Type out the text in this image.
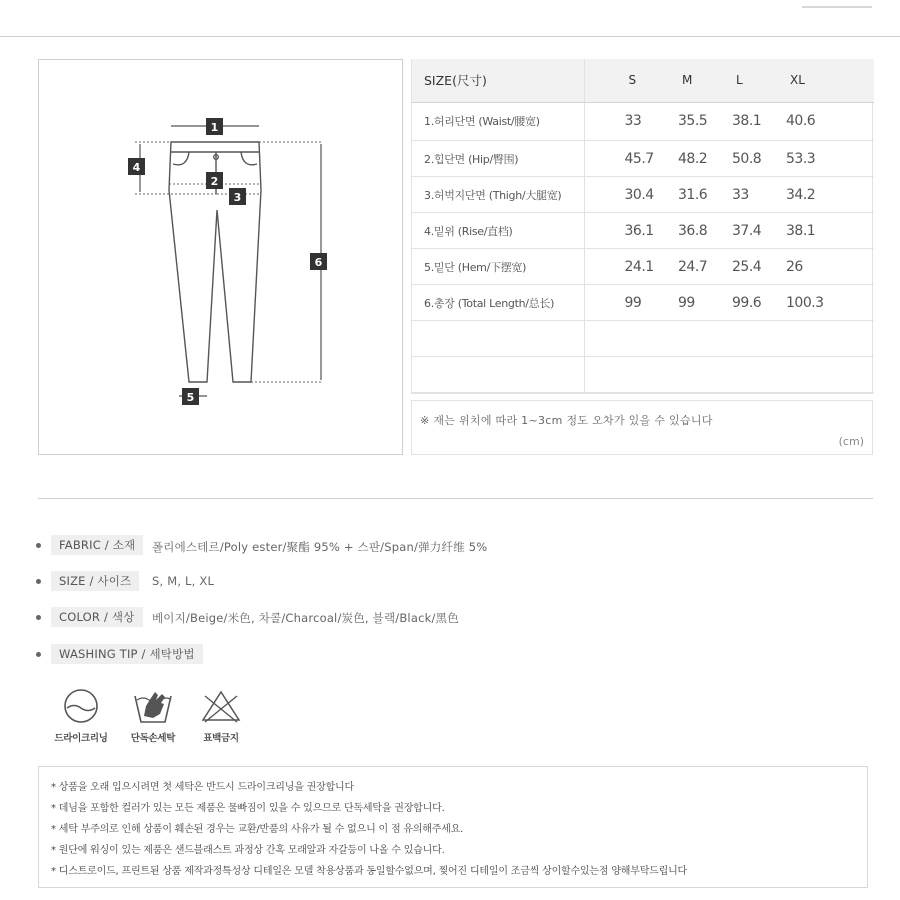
1
2
3
4
5
6
SIZE(尺寸)	S	M	L	XL
1.허리단면 (Waist/腰宽)	33	35.5	38.1	40.6
2.힙단면 (Hip/臀围)	45.7	48.2	50.8	53.3
3.허벅지단면 (Thigh/大腿宽)	30.4	31.6	33	34.2
4.밑위 (Rise/直档)	36.1	36.8	37.4	38.1
5.밑단 (Hem/下摆宽)	24.1	24.7	25.4	26
6.총장 (Total Length/总长)	99	99	99.6	100.3

※ 재는 위치에 따라 1~3cm 정도 오차가 있을 수 있습니다
(cm)
FABRIC / 소재	폴리에스테르/Poly ester/聚酯 95% + 스판/Span/弹力纤维 5%
SIZE / 사이즈	S, M, L, XL
COLOR / 색상	베이지/Beige/米色, 차콜/Charcoal/炭色, 블랙/Black/黑色
WASHING TIP / 세탁방법
드라이크리닝	단독손세탁	표백금지
* 상품을 오래 입으시려면 첫 세탁은 반드시 드라이크리닝을 권장합니다
* 데님을 포함한 컬러가 있는 모든 제품은 물빠짐이 있을 수 있으므로 단독세탁을 권장합니다.
* 세탁 부주의로 인해 상품이 훼손된 경우는 교환/반품의 사유가 될 수 없으니 이 점 유의해주세요.
* 원단에 워싱이 있는 제품은 샌드블래스트 과정상 간혹 모래알과 자갈등이 나올 수 있습니다.
* 디스트로이드, 프린트된 상품 제작과정특성상 디테일은 모델 착용상품과 동일할수없으며, 찢어진 디테일이 조금씩 상이할수있는점 양해부탁드립니다
